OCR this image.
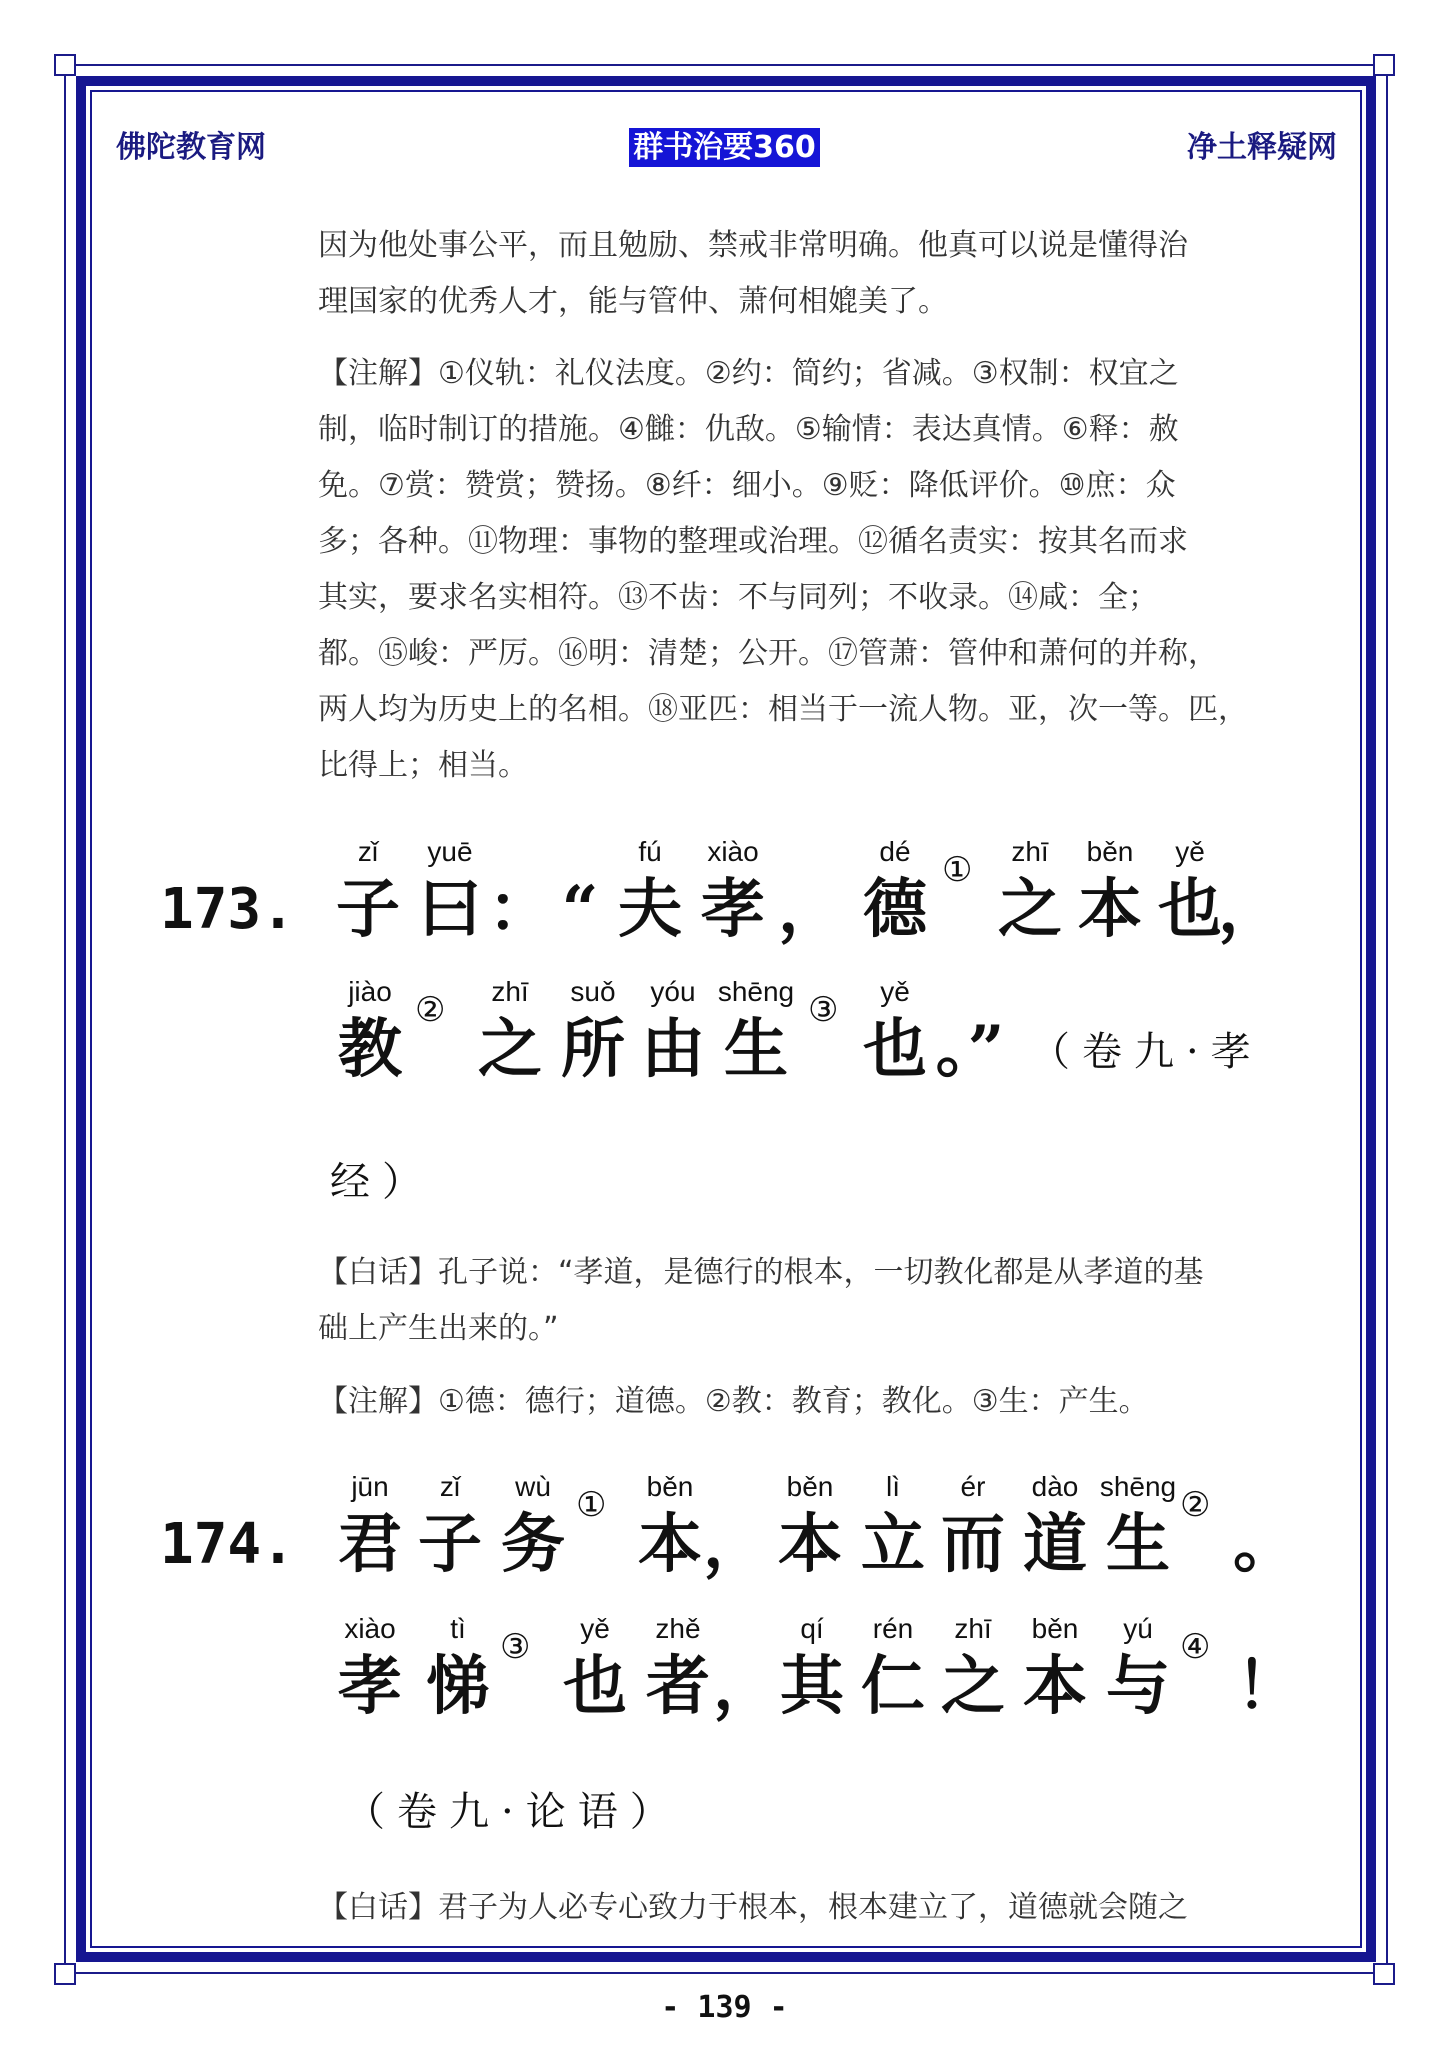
佛陀教育网	群书治要360	净土释疑网
因为他处事公平，而且勉励、禁戒非常明确。他真可以说是懂得治
理国家的优秀人才，能与管仲、萧何相媲美了。
【注解】①仪轨：礼仪法度。②约：简约；省减。③权制：权宜之
制，临时制订的措施。④雠：仇敌。⑤输情：表达真情。⑥释：赦
免。⑦赏：赞赏；赞扬。⑧纤：细小。⑨贬：降低评价。⑩庶：众
多；各种。⑪物理：事物的整理或治理。⑫循名责实：按其名而求
其实，要求名实相符。⑬不齿：不与同列；不收录。⑭咸：全；
都。⑮峻：严厉。⑯明：清楚；公开。⑰管萧：管仲和萧何的并称，
两人均为历史上的名相。⑱亚匹：相当于一流人物。亚，次一等。匹，
比得上；相当。
173.
zǐ
子
yuē
曰 ： “
fú
夫
xiào
孝 ，
dé
德
①	zhī
之
běn
本
yě
也
，
jiào
教
②	zhī
之
suǒ
所
yóu
由
shēng
生
③	yě
也 。” （卷九·孝
经）
【白话】孔子说：“孝道，是德行的根本，一切教化都是从孝道的基
础上产生出来的。”
【注解】①德：德行；道德。②教：教育；教化。③生：产生。
174.
jūn
君
zǐ
子
wù
务
①	běn
本 ，
běn
本
lì
立
ér
而
dào
道
shēng
生
②
。
xiào
孝
tì
悌
③	yě
也
zhě
者 ，
qí
其
rén
仁
zhī
之
běn
本
yú
与
④
！
（卷九·论语）
【白话】君子为人必专心致力于根本，根本建立了，道德就会随之
- 139 -
